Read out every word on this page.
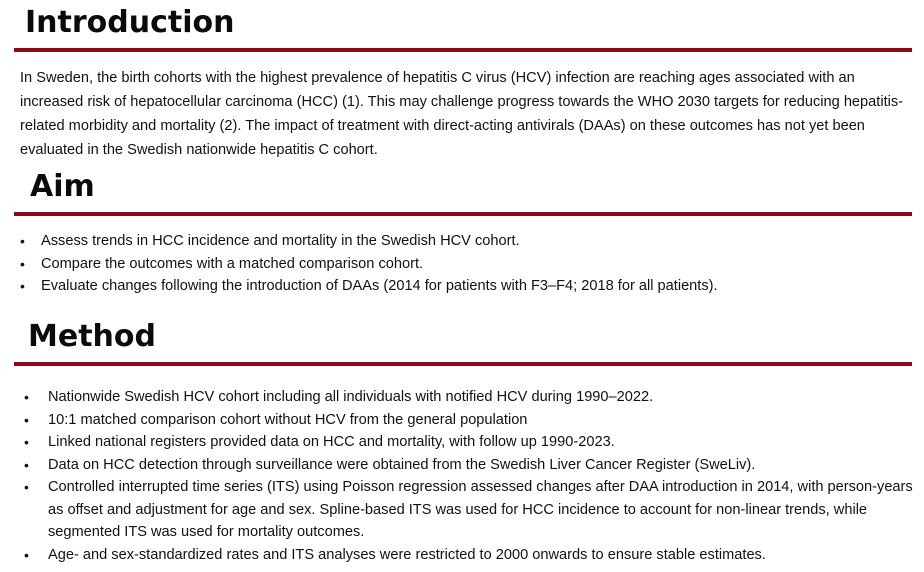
Introduction

In Sweden, the birth cohorts with the highest prevalence of hepatitis C virus (HCV) infection are reaching ages associated with an increased risk of hepatocellular carcinoma (HCC) (1). This may challenge progress towards the WHO 2030 targets for reducing hepatitis-related morbidity and mortality (2). The impact of treatment with direct-acting antivirals (DAAs) on these outcomes has not yet been evaluated in the Swedish nationwide hepatitis C cohort.

Aim
• Assess trends in HCC incidence and mortality in the Swedish HCV cohort.
• Compare the outcomes with a matched comparison cohort.
• Evaluate changes following the introduction of DAAs (2014 for patients with F3–F4; 2018 for all patients).
Method
• Nationwide Swedish HCV cohort including all individuals with notified HCV during 1990–2022.
• 10:1 matched comparison cohort without HCV from the general population
• Linked national registers provided data on HCC and mortality, with follow up 1990-2023.
• Data on HCC detection through surveillance were obtained from the Swedish Liver Cancer Register (SweLiv).
• Controlled interrupted time series (ITS) using Poisson regression assessed changes after DAA introduction in 2014, with person-years as offset and adjustment for age and sex. Spline-based ITS was used for HCC incidence to account for non-linear trends, while segmented ITS was used for mortality outcomes.
• Age- and sex-standardized rates and ITS analyses were restricted to 2000 onwards to ensure stable estimates.
